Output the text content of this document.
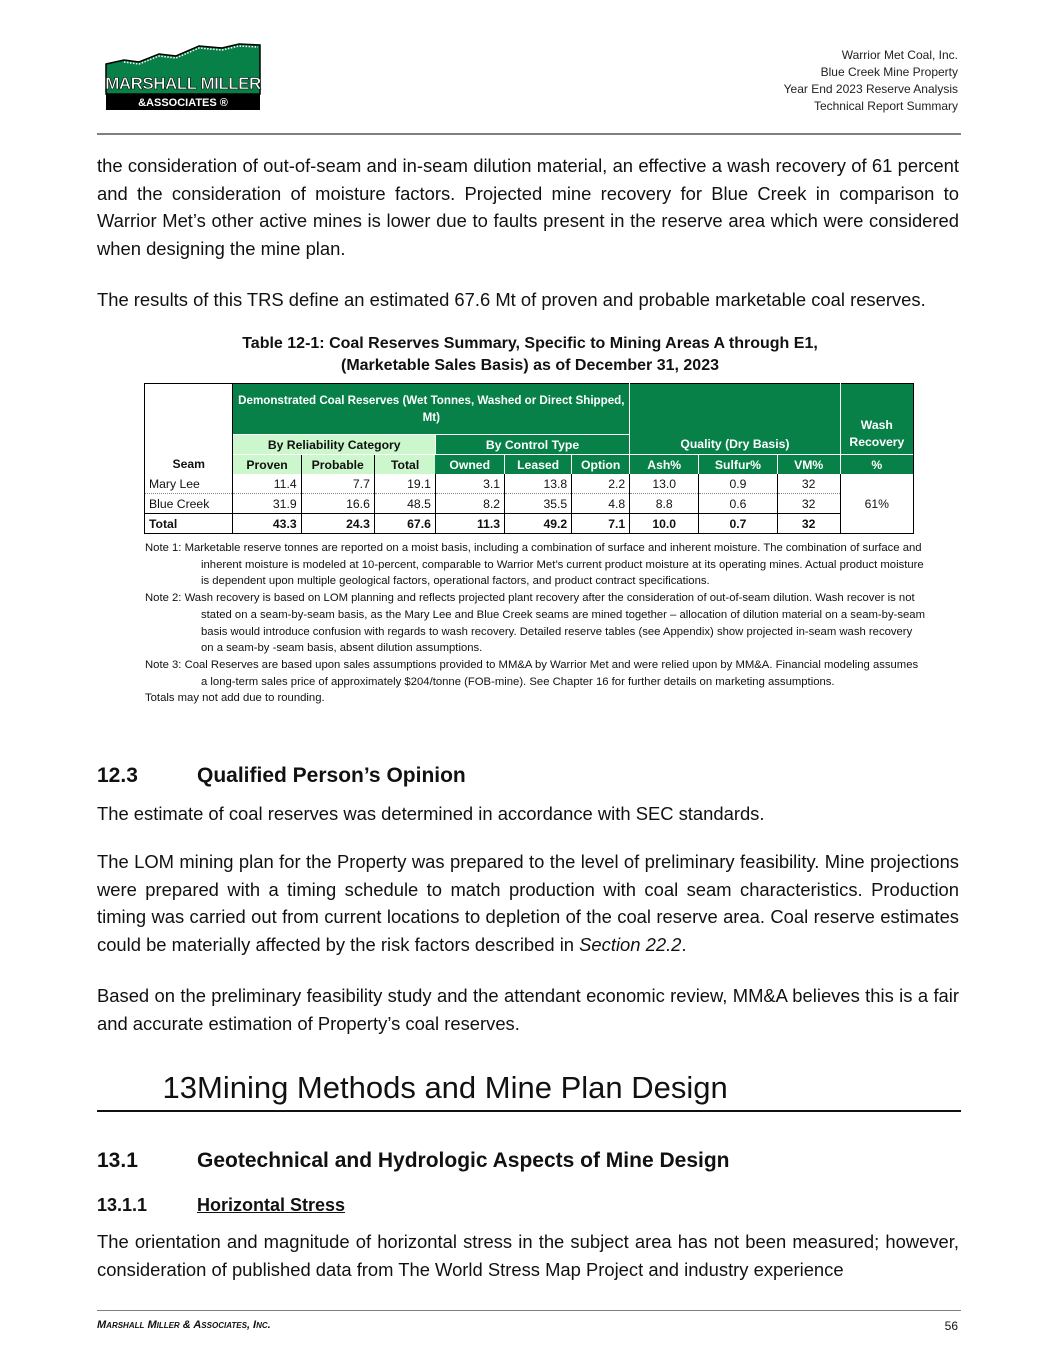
MARSHALL MILLER
&ASSOCIATES ®
Warrior Met Coal, Inc.
Blue Creek Mine Property
Year End 2023 Reserve Analysis
Technical Report Summary

the consideration of out-of-seam and in-seam dilution material, an effective a wash recovery of 61 percent and the consideration of moisture factors. Projected mine recovery for Blue Creek in comparison to Warrior Met’s other active mines is lower due to faults present in the reserve area which were considered when designing the mine plan.

The results of this TRS define an estimated 67.6 Mt of proven and probable marketable coal reserves.

Table 12-1: Coal Reserves Summary, Specific to Mining Areas A through E1,
(Marketable Sales Basis) as of December 31, 2023
	Demonstrated Coal Reserves (Wet Tonnes, Washed or Direct Shipped, Mt)						Quality (Dry Basis)			Wash Recovery
	By Reliability Category			By Control Type						
Seam	Proven	Probable	Total	Owned	Leased	Option	Ash%	Sulfur%	VM%	%
Mary Lee	11.4	7.7	19.1	3.1	13.8	2.2	13.0	0.9	32	61%
Blue Creek	31.9	16.6	48.5	8.2	35.5	4.8	8.8	0.6	32	
Total	43.3	24.3	67.6	11.3	49.2	7.1	10.0	0.7	32	

Note 1: Marketable reserve tonnes are reported on a moist basis, including a combination of surface and inherent moisture. The combination of surface and inherent moisture is modeled at 10-percent, comparable to Warrior Met’s current product moisture at its operating mines. Actual product moisture is dependent upon multiple geological factors, operational factors, and product contract specifications.

Note 2: Wash recovery is based on LOM planning and reflects projected plant recovery after the consideration of out-of-seam dilution. Wash recover is not stated on a seam-by-seam basis, as the Mary Lee and Blue Creek seams are mined together – allocation of dilution material on a seam-by-seam basis would introduce confusion with regards to wash recovery. Detailed reserve tables (see Appendix) show projected in-seam wash recovery on a seam-by -seam basis, absent dilution assumptions.

Note 3: Coal Reserves are based upon sales assumptions provided to MM&A by Warrior Met and were relied upon by MM&A. Financial modeling assumes a long-term sales price of approximately $204/tonne (FOB-mine). See Chapter 16 for further details on marketing assumptions.

Totals may not add due to rounding.

12.3	Qualified Person’s Opinion

The estimate of coal reserves was determined in accordance with SEC standards.

The LOM mining plan for the Property was prepared to the level of preliminary feasibility. Mine projections were prepared with a timing schedule to match production with coal seam characteristics. Production timing was carried out from current locations to depletion of the coal reserve area. Coal reserve estimates could be materially affected by the risk factors described in Section 22.2.

Based on the preliminary feasibility study and the attendant economic review, MM&A believes this is a fair and accurate estimation of Property’s coal reserves.

13Mining Methods and Mine Plan Design
13.1	Geotechnical and Hydrologic Aspects of Mine Design
13.1.1	Horizontal Stress

The orientation and magnitude of horizontal stress in the subject area has not been measured; however, consideration of published data from The World Stress Map Project and industry experience

Marshall Miller & Associates, Inc.	56
